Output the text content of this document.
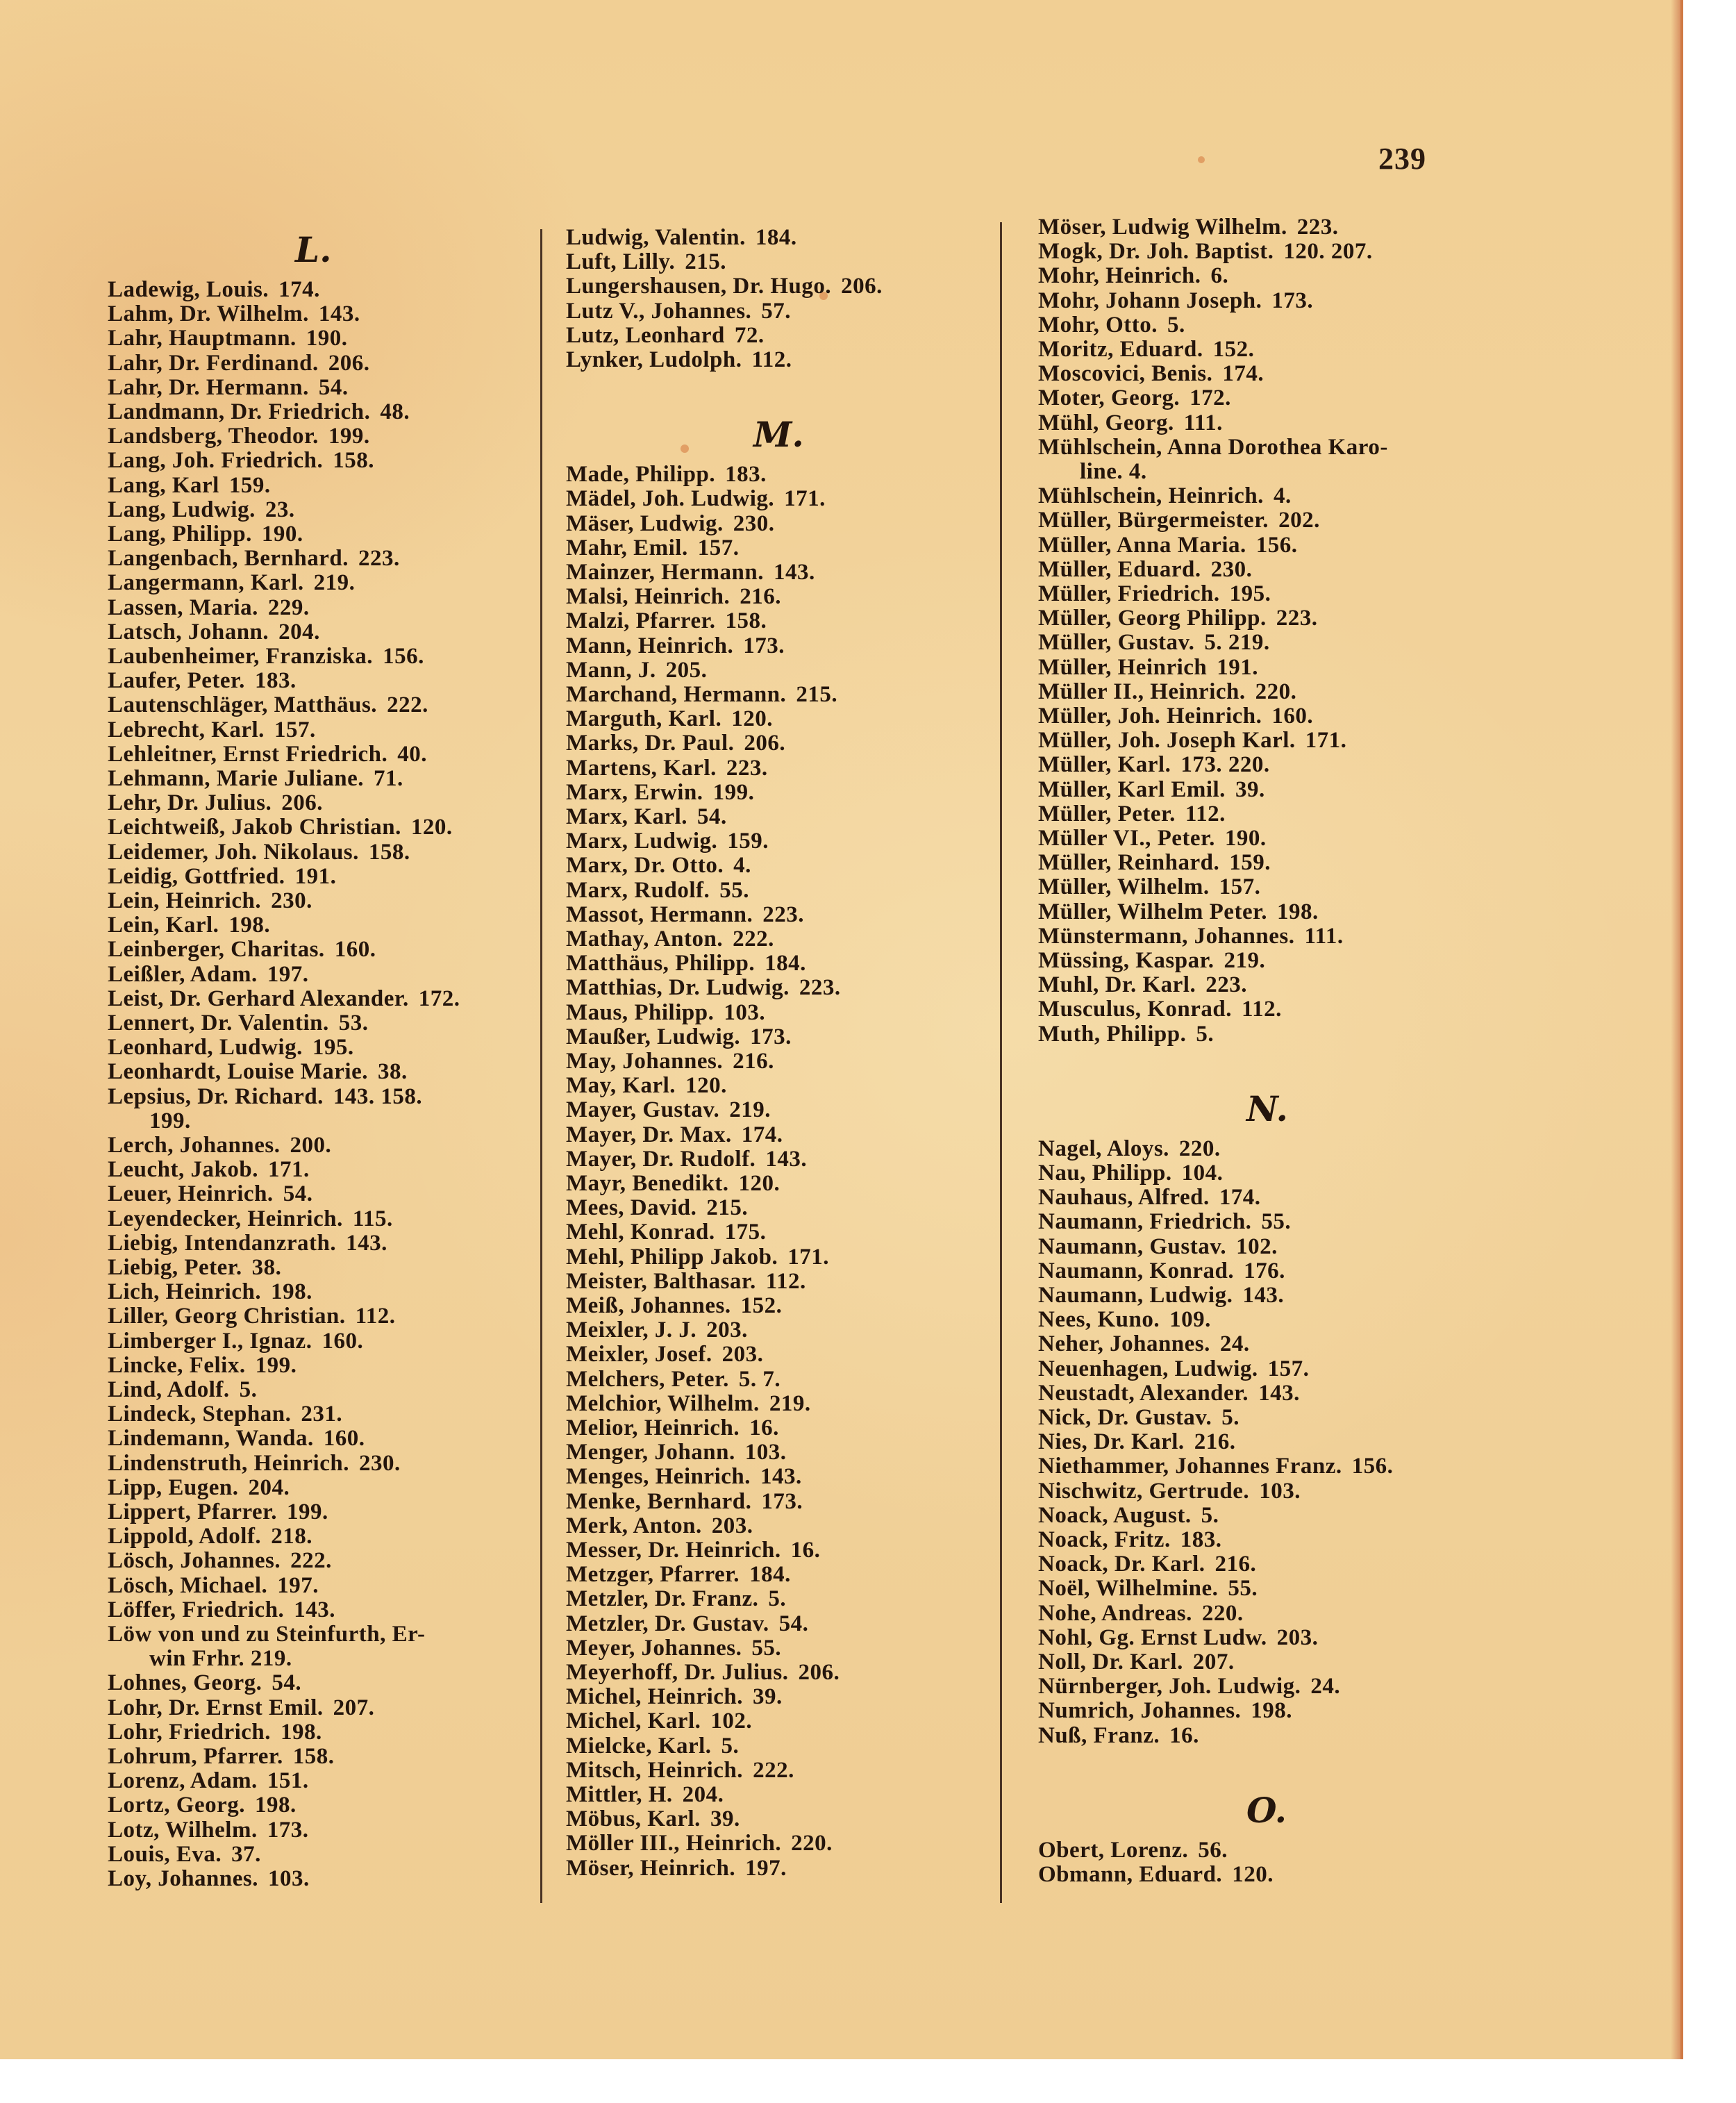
239
L.
Ladewig, Louis. 174.
Lahm, Dr. Wilhelm. 143.
Lahr, Hauptmann. 190.
Lahr, Dr. Ferdinand. 206.
Lahr, Dr. Hermann. 54.
Landmann, Dr. Friedrich. 48.
Landsberg, Theodor. 199.
Lang, Joh. Friedrich. 158.
Lang, Karl 159.
Lang, Ludwig. 23.
Lang, Philipp. 190.
Langenbach, Bernhard. 223.
Langermann, Karl. 219.
Lassen, Maria. 229.
Latsch, Johann. 204.
Laubenheimer, Franziska. 156.
Laufer, Peter. 183.
Lautenschläger, Matthäus. 222.
Lebrecht, Karl. 157.
Lehleitner, Ernst Friedrich. 40.
Lehmann, Marie Juliane. 71.
Lehr, Dr. Julius. 206.
Leichtweiß, Jakob Christian. 120.
Leidemer, Joh. Nikolaus. 158.
Leidig, Gottfried. 191.
Lein, Heinrich. 230.
Lein, Karl. 198.
Leinberger, Charitas. 160.
Leißler, Adam. 197.
Leist, Dr. Gerhard Alexander. 172.
Lennert, Dr. Valentin. 53.
Leonhard, Ludwig. 195.
Leonhardt, Louise Marie. 38.
Lepsius, Dr. Richard. 143. 158.
199.
Lerch, Johannes. 200.
Leucht, Jakob. 171.
Leuer, Heinrich. 54.
Leyendecker, Heinrich. 115.
Liebig, Intendanzrath. 143.
Liebig, Peter. 38.
Lich, Heinrich. 198.
Liller, Georg Christian. 112.
Limberger I., Ignaz. 160.
Lincke, Felix. 199.
Lind, Adolf. 5.
Lindeck, Stephan. 231.
Lindemann, Wanda. 160.
Lindenstruth, Heinrich. 230.
Lipp, Eugen. 204.
Lippert, Pfarrer. 199.
Lippold, Adolf. 218.
Lösch, Johannes. 222.
Lösch, Michael. 197.
Löffer, Friedrich. 143.
Löw von und zu Steinfurth, Er-
win Frhr. 219.
Lohnes, Georg. 54.
Lohr, Dr. Ernst Emil. 207.
Lohr, Friedrich. 198.
Lohrum, Pfarrer. 158.
Lorenz, Adam. 151.
Lortz, Georg. 198.
Lotz, Wilhelm. 173.
Louis, Eva. 37.
Loy, Johannes. 103.
Ludwig, Valentin. 184.
Luft, Lilly. 215.
Lungershausen, Dr. Hugo. 206.
Lutz V., Johannes. 57.
Lutz, Leonhard 72.
Lynker, Ludolph. 112.
M.
Made, Philipp. 183.
Mädel, Joh. Ludwig. 171.
Mäser, Ludwig. 230.
Mahr, Emil. 157.
Mainzer, Hermann. 143.
Malsi, Heinrich. 216.
Malzi, Pfarrer. 158.
Mann, Heinrich. 173.
Mann, J. 205.
Marchand, Hermann. 215.
Marguth, Karl. 120.
Marks, Dr. Paul. 206.
Martens, Karl. 223.
Marx, Erwin. 199.
Marx, Karl. 54.
Marx, Ludwig. 159.
Marx, Dr. Otto. 4.
Marx, Rudolf. 55.
Massot, Hermann. 223.
Mathay, Anton. 222.
Matthäus, Philipp. 184.
Matthias, Dr. Ludwig. 223.
Maus, Philipp. 103.
Maußer, Ludwig. 173.
May, Johannes. 216.
May, Karl. 120.
Mayer, Gustav. 219.
Mayer, Dr. Max. 174.
Mayer, Dr. Rudolf. 143.
Mayr, Benedikt. 120.
Mees, David. 215.
Mehl, Konrad. 175.
Mehl, Philipp Jakob. 171.
Meister, Balthasar. 112.
Meiß, Johannes. 152.
Meixler, J. J. 203.
Meixler, Josef. 203.
Melchers, Peter. 5. 7.
Melchior, Wilhelm. 219.
Melior, Heinrich. 16.
Menger, Johann. 103.
Menges, Heinrich. 143.
Menke, Bernhard. 173.
Merk, Anton. 203.
Messer, Dr. Heinrich. 16.
Metzger, Pfarrer. 184.
Metzler, Dr. Franz. 5.
Metzler, Dr. Gustav. 54.
Meyer, Johannes. 55.
Meyerhoff, Dr. Julius. 206.
Michel, Heinrich. 39.
Michel, Karl. 102.
Mielcke, Karl. 5.
Mitsch, Heinrich. 222.
Mittler, H. 204.
Möbus, Karl. 39.
Möller III., Heinrich. 220.
Möser, Heinrich. 197.
Möser, Ludwig Wilhelm. 223.
Mogk, Dr. Joh. Baptist. 120. 207.
Mohr, Heinrich. 6.
Mohr, Johann Joseph. 173.
Mohr, Otto. 5.
Moritz, Eduard. 152.
Moscovici, Benis. 174.
Moter, Georg. 172.
Mühl, Georg. 111.
Mühlschein, Anna Dorothea Karo-
line. 4.
Mühlschein, Heinrich. 4.
Müller, Bürgermeister. 202.
Müller, Anna Maria. 156.
Müller, Eduard. 230.
Müller, Friedrich. 195.
Müller, Georg Philipp. 223.
Müller, Gustav. 5. 219.
Müller, Heinrich 191.
Müller II., Heinrich. 220.
Müller, Joh. Heinrich. 160.
Müller, Joh. Joseph Karl. 171.
Müller, Karl. 173. 220.
Müller, Karl Emil. 39.
Müller, Peter. 112.
Müller VI., Peter. 190.
Müller, Reinhard. 159.
Müller, Wilhelm. 157.
Müller, Wilhelm Peter. 198.
Münstermann, Johannes. 111.
Müssing, Kaspar. 219.
Muhl, Dr. Karl. 223.
Musculus, Konrad. 112.
Muth, Philipp. 5.
N.
Nagel, Aloys. 220.
Nau, Philipp. 104.
Nauhaus, Alfred. 174.
Naumann, Friedrich. 55.
Naumann, Gustav. 102.
Naumann, Konrad. 176.
Naumann, Ludwig. 143.
Nees, Kuno. 109.
Neher, Johannes. 24.
Neuenhagen, Ludwig. 157.
Neustadt, Alexander. 143.
Nick, Dr. Gustav. 5.
Nies, Dr. Karl. 216.
Niethammer, Johannes Franz. 156.
Nischwitz, Gertrude. 103.
Noack, August. 5.
Noack, Fritz. 183.
Noack, Dr. Karl. 216.
Noël, Wilhelmine. 55.
Nohe, Andreas. 220.
Nohl, Gg. Ernst Ludw. 203.
Noll, Dr. Karl. 207.
Nürnberger, Joh. Ludwig. 24.
Numrich, Johannes. 198.
Nuß, Franz. 16.
O.
Obert, Lorenz. 56.
Obmann, Eduard. 120.
